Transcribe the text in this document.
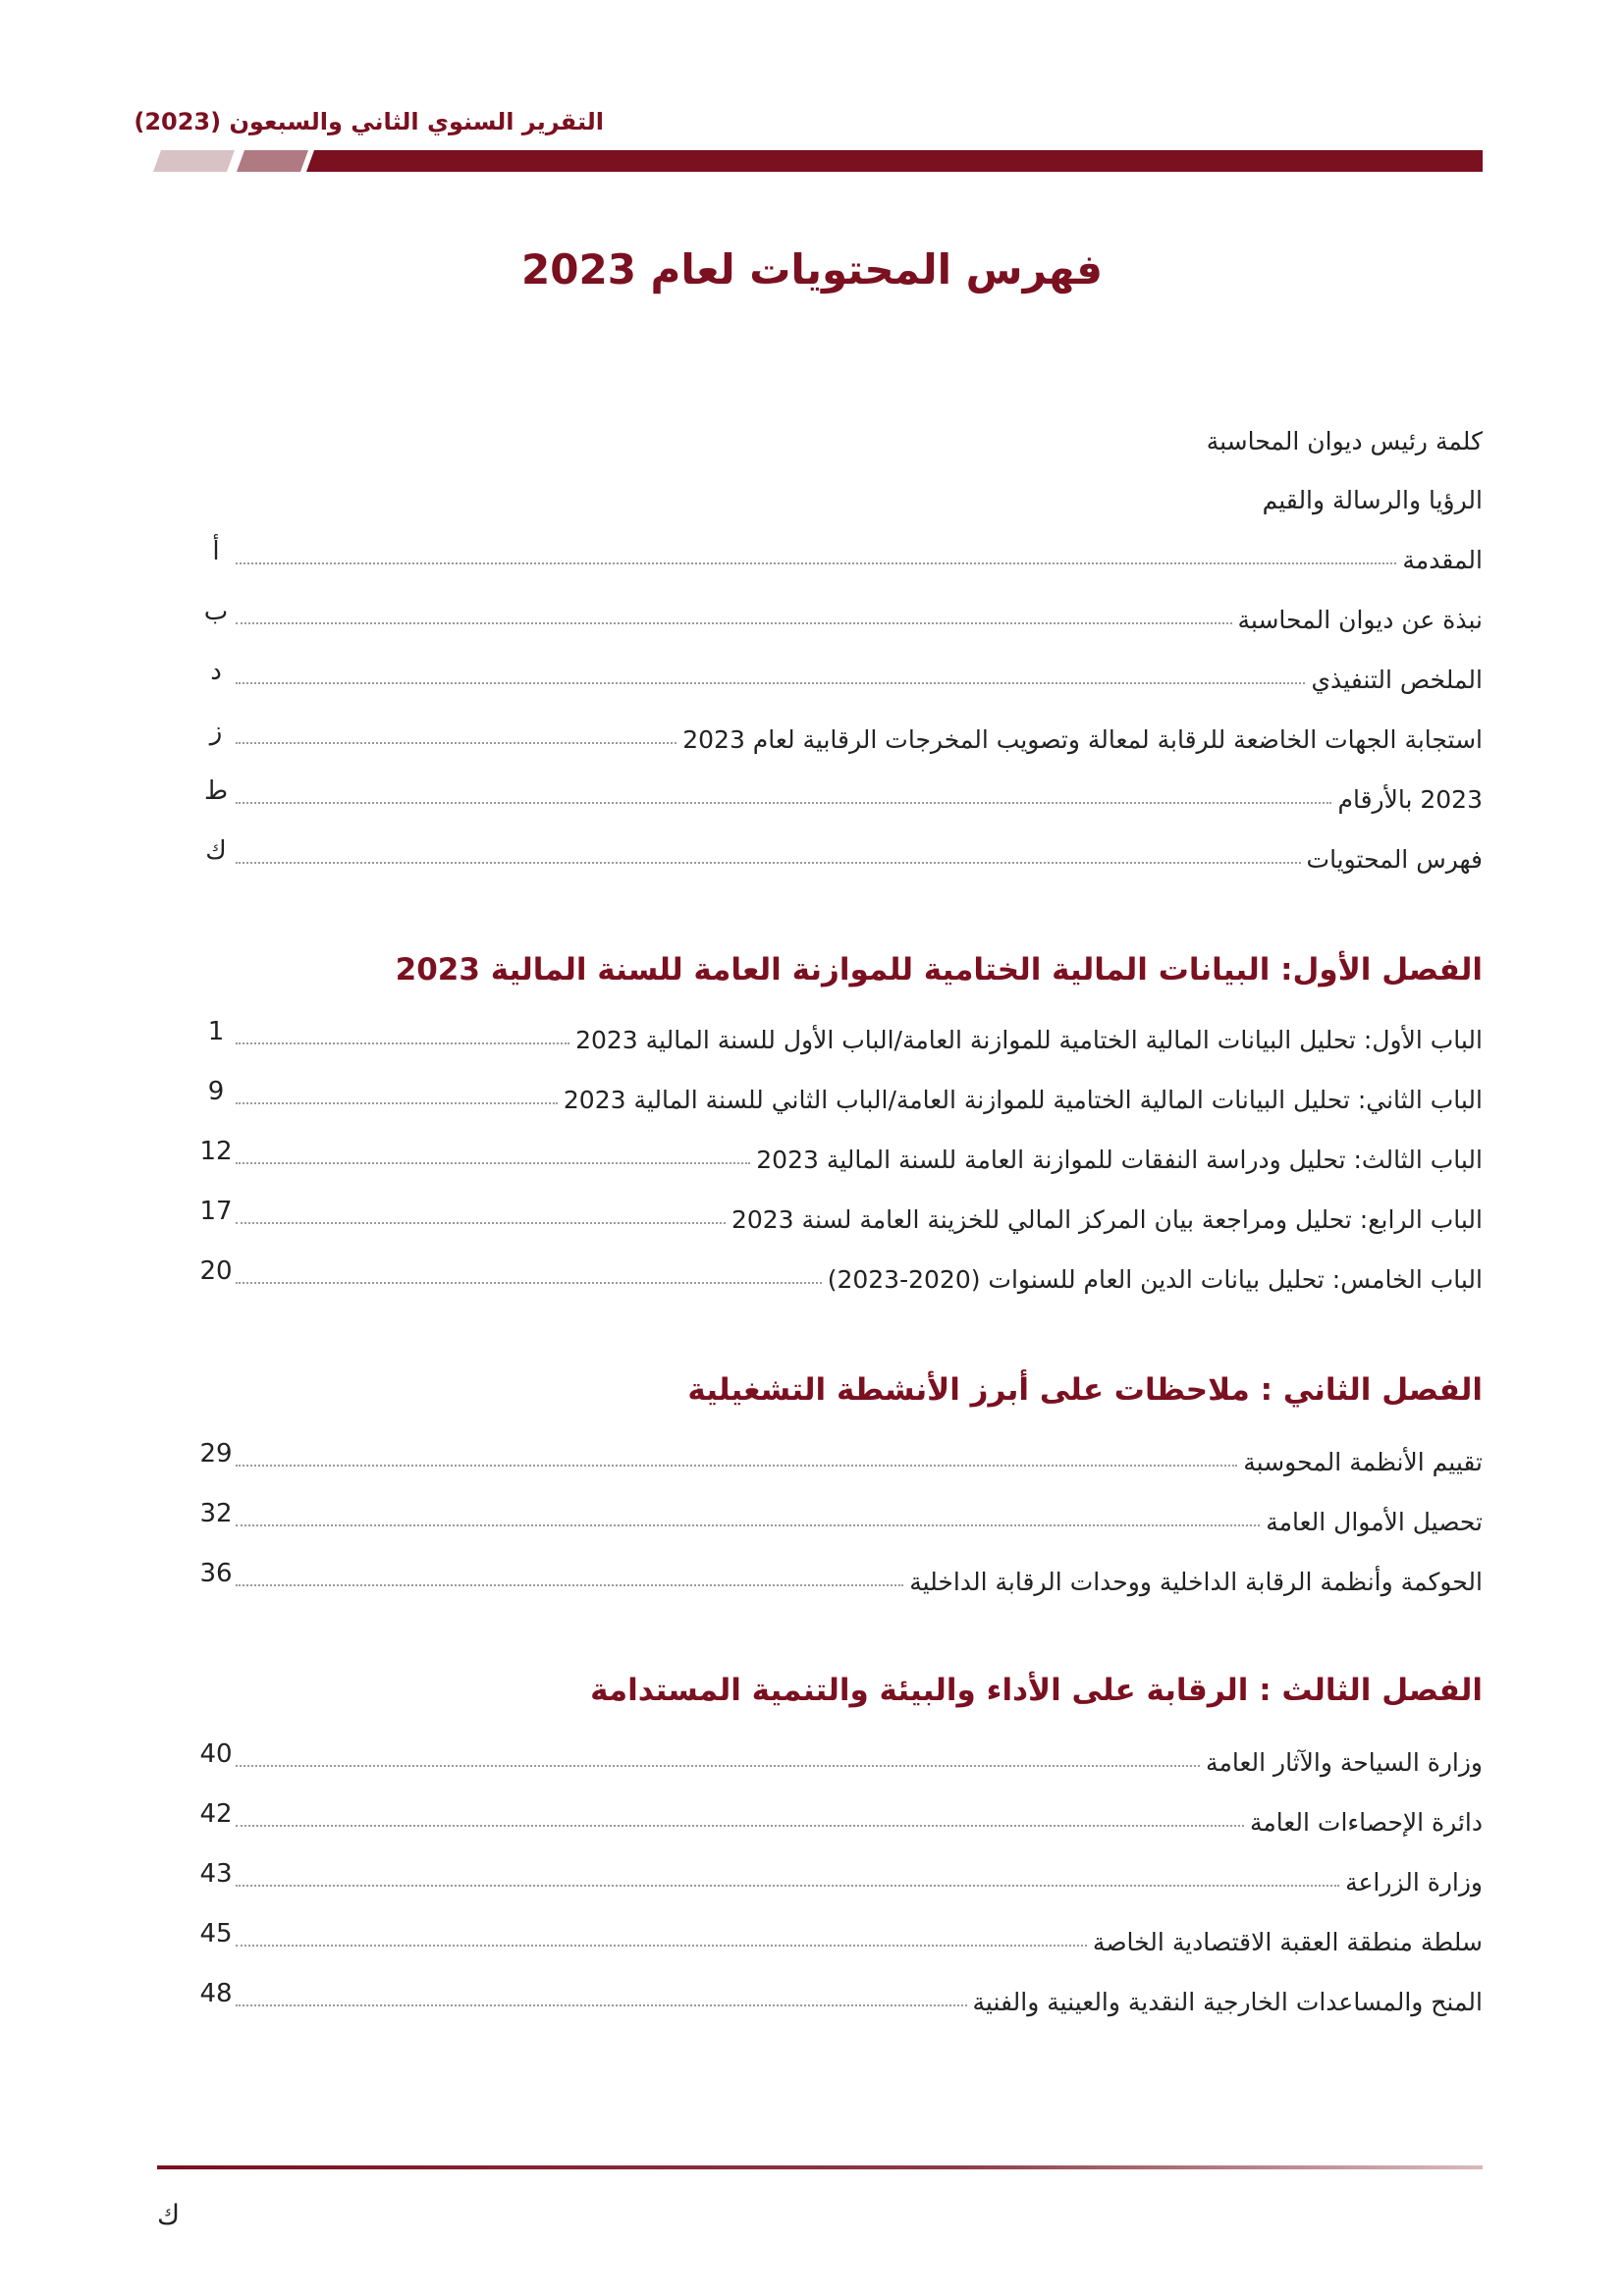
التقرير السنوي الثاني والسبعون (2023)
فهرس المحتويات لعام 2023
كلمة رئيس ديوان المحاسبة
الرؤيا والرسالة والقيم
المقدمة
أ
نبذة عن ديوان المحاسبة
ب
الملخص التنفيذي
د
استجابة الجهات الخاضعة للرقابة لمعالة وتصويب المخرجات الرقابية لعام 2023
ز
2023 بالأرقام
ط
فهرس المحتويات
ك
الفصل الأول: البيانات المالية الختامية للموازنة العامة للسنة المالية 2023
الباب الأول: تحليل البيانات المالية الختامية للموازنة العامة/الباب الأول للسنة المالية 2023
1
الباب الثاني: تحليل البيانات المالية الختامية للموازنة العامة/الباب الثاني للسنة المالية 2023
9
الباب الثالث: تحليل ودراسة النفقات للموازنة العامة للسنة المالية 2023
12
الباب الرابع: تحليل ومراجعة بيان المركز المالي للخزينة العامة لسنة 2023
17
الباب الخامس: تحليل بيانات الدين العام للسنوات (2020-2023)
20
الفصل الثاني : ملاحظات على أبرز الأنشطة التشغيلية
تقييم الأنظمة المحوسبة
29
تحصيل الأموال العامة
32
الحوكمة وأنظمة الرقابة الداخلية ووحدات الرقابة الداخلية
36
الفصل الثالث : الرقابة على الأداء والبيئة والتنمية المستدامة
وزارة السياحة والآثار العامة
40
دائرة الإحصاءات العامة
42
وزارة الزراعة
43
سلطة منطقة العقبة الاقتصادية الخاصة
45
المنح والمساعدات الخارجية النقدية والعينية والفنية
48
ك
